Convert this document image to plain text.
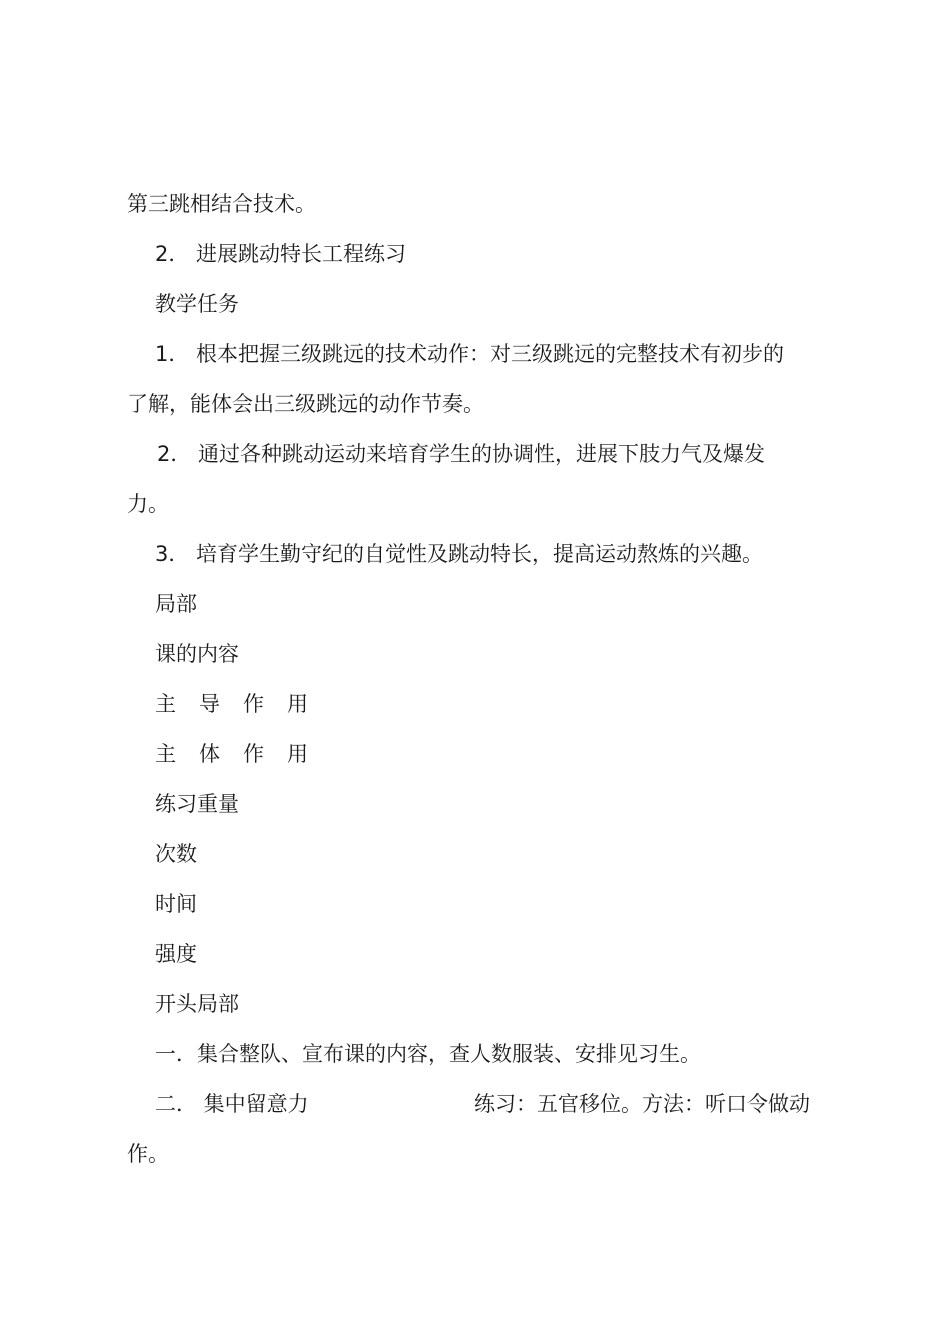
第三跳相结合技术。
2． 进展跳动特长工程练习
教学任务
1． 根本把握三级跳远的技术动作：对三级跳远的完整技术有初步的
了解，能体会出三级跳远的动作节奏。
2． 通过各种跳动运动来培育学生的协调性，进展下肢力气及爆发
力。
3． 培育学生勤守纪的自觉性及跳动特长，提高运动熬炼的兴趣。
局部
课的内容
主 导 作 用
主 体 作 用
练习重量
次数
时间
强度
开头局部
一．集合整队、宣布课的内容，查人数服装、安排见习生。
二． 集中留意力	练习：五官移位。方法：听口令做动
作。
